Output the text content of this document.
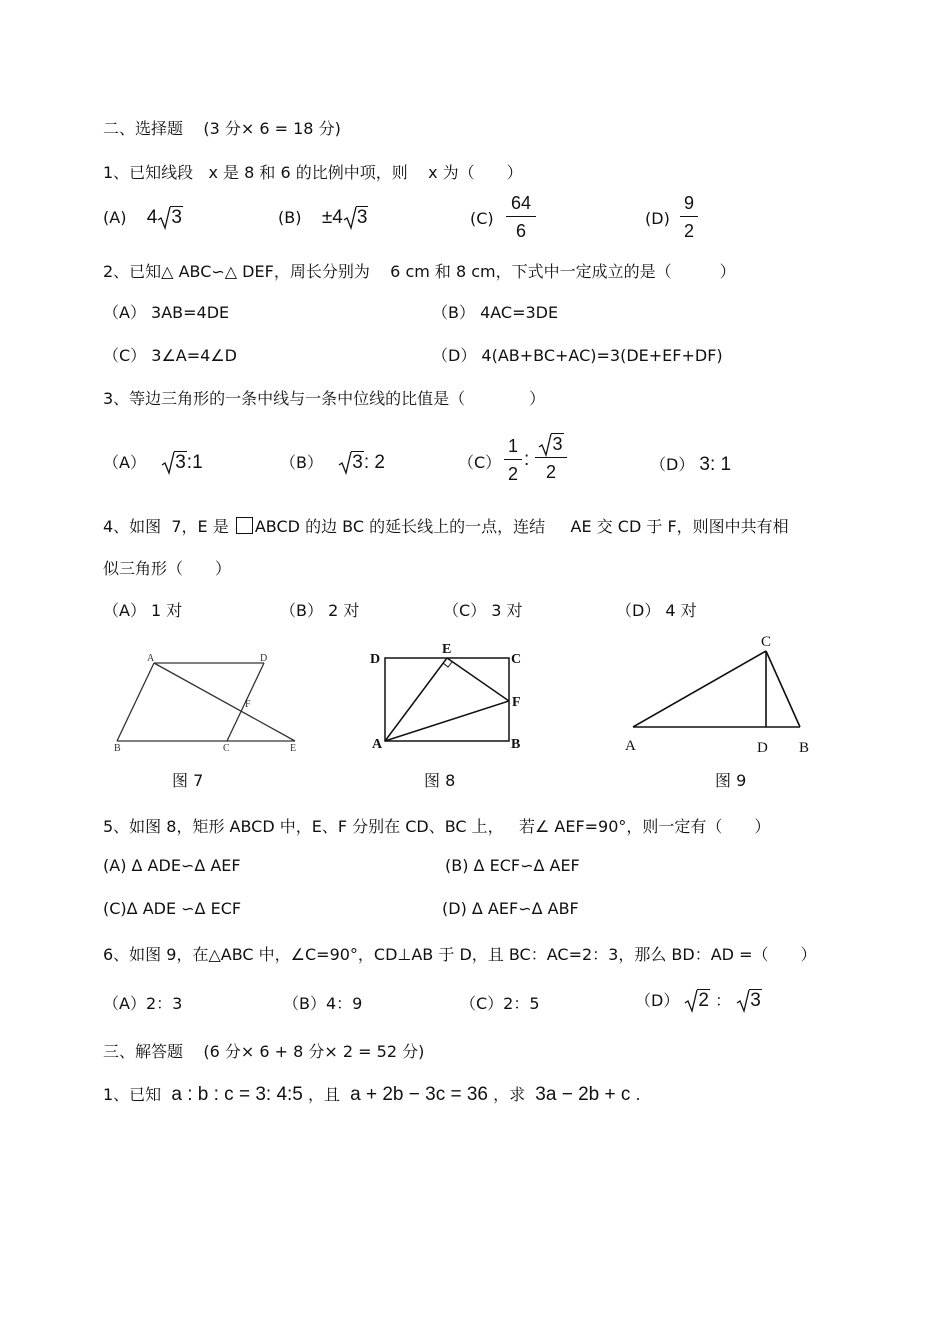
二、选择题 (3 分× 6 = 18 分)
1、已知线段 x 是 8 和 6 的比例中项，则 x 为（　　）
(A) 4 3	(B) ±4 3	(C)
64
6
(D)
9
2
2、已知△ ABC∽△ DEF，周长分别为 6 cm 和 8 cm，下式中一定成立的是（　　　）
（A） 3AB=4DE	（B） 4AC=3DE
（C） 3∠A=4∠D	（D） 4(AB+BC+AC)=3(DE+EF+DF)
3、等边三角形的一条中线与一条中位线的比值是（　　　　）
（A） 3:1	（B） 3: 2	（C）
1
2
:
3
2	（D） 3: 1
4、如图 7，E 是 ABCD 的边 BC 的延长线上的一点，连结 AE 交 CD 于 F，则图中共有相
似三角形（　　）
（A） 1 对	（B） 2 对	（C） 3 对	（D） 4 对
A	D
F
B	C	E
图 7
D
E
C
F
A	B
图 8
C
A	D B
图 9
5、如图 8，矩形 ABCD 中，E、F 分别在 CD、BC 上， 若∠ AEF=90°，则一定有（　　）
(A) Δ ADE∽Δ AEF	(B) Δ ECF∽Δ AEF
(C)Δ ADE ∽Δ ECF	(D) Δ AEF∽Δ ABF
6、如图 9，在△ABC 中，∠C=90°，CD⊥AB 于 D，且 BC：AC=2：3，那么 BD：AD =（　　）
（A）2：3	（B）4：9	（C）2：5	（D） 2 ： 3
三、解答题 (6 分× 6 + 8 分× 2 = 52 分)
1、已知 a : b : c = 3: 4:5 ，且 a + 2b − 3c = 36 ，求 3a − 2b + c .
